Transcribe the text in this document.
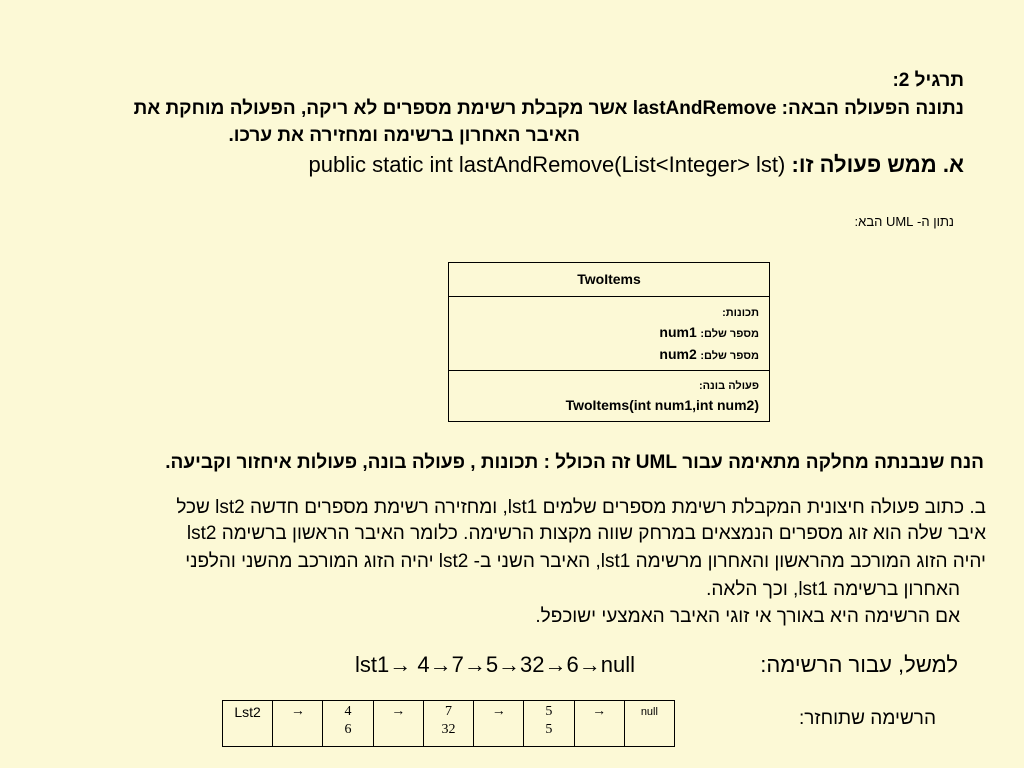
תרגיל 2:
נתונה הפעולה הבאה: lastAndRemove אשר מקבלת רשימת מספרים לא ריקה, הפעולה מוחקת את
האיבר האחרון ברשימה ומחזירה את ערכו.
א. ממש פעולה זו: public static int lastAndRemove(List<Integer> lst)
נתון ה- UML הבא:
TwoItems
תכונות:
מספר שלם: num1
מספר שלם: num2
פעולה בונה:
TwoItems(int num1,int num2)
הנח שנבנתה מחלקה מתאימה עבור UML זה הכולל : תכונות , פעולה בונה, פעולות איחזור וקביעה.
ב. כתוב פעולה חיצונית המקבלת רשימת מספרים שלמים lst1, ומחזירה רשימת מספרים חדשה lst2 שכל
איבר שלה הוא זוג מספרים הנמצאים במרחק שווה מקצות הרשימה. כלומר האיבר הראשון ברשימה lst2
יהיה הזוג המורכב מהראשון והאחרון מרשימה lst1, האיבר השני ב- lst2 יהיה הזוג המורכב מהשני והלפני
האחרון ברשימה lst1, וכך הלאה.
אם הרשימה היא באורך אי זוגי האיבר האמצעי ישוכפל.
למשל, עבור הרשימה:
lst1→ 4→7→5→32→6→null
הרשימה שתוחזר:
Lst2	→	4
6
	→	7
32
	→	5
5
	→	null
